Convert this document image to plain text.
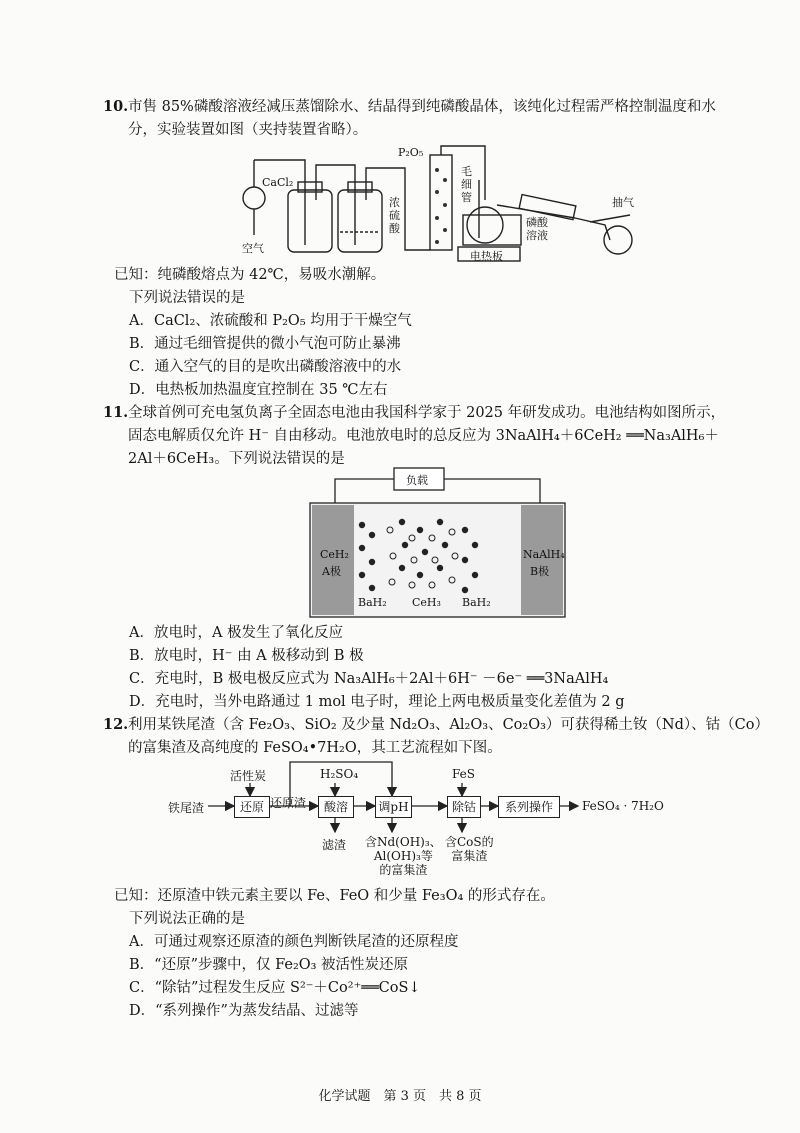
10. 市售 85%磷酸溶液经减压蒸馏除水、结晶得到纯磷酸晶体，该纯化过程需严格控制温度和水
分，实验装置如图（夹持装置省略）。
CaCl₂
空气
浓
硫
酸
P₂O₅
毛
细
管
磷酸
溶液
电热板
抽气
已知：纯磷酸熔点为 42℃，易吸水潮解。
下列说法错误的是
A．CaCl₂、浓硫酸和 P₂O₅ 均用于干燥空气
B．通过毛细管提供的微小气泡可防止暴沸
C．通入空气的目的是吹出磷酸溶液中的水
D．电热板加热温度宜控制在 35 ℃左右
11. 全球首例可充电氢负离子全固态电池由我国科学家于 2025 年研发成功。电池结构如图所示，
固态电解质仅允许 H⁻ 自由移动。电池放电时的总反应为 3NaAlH₄＋6CeH₂ ══Na₃AlH₆＋
2Al＋6CeH₃。下列说法错误的是
负载
CeH₂
A极
NaAlH₄
B极
BaH₂ CeH₃ BaH₂
A．放电时，A 极发生了氧化反应
B．放电时，H⁻ 由 A 极移动到 B 极
C．充电时，B 极电极反应式为 Na₃AlH₆＋2Al＋6H⁻ －6e⁻ ══3NaAlH₄
D．充电时，当外电路通过 1 mol 电子时，理论上两电极质量变化差值为 2 g
12. 利用某铁尾渣（含 Fe₂O₃、SiO₂ 及少量 Nd₂O₃、Al₂O₃、Co₂O₃）可获得稀土钕（Nd）、钴（Co）
的富集渣及高纯度的 FeSO₄•7H₂O，其工艺流程如下图。
铁尾渣
活性炭
还原 还原渣
H₂SO₄
酸溶
滤渣
调pH
含Nd(OH)₃、
Al(OH)₃等
的富集渣
FeS
除钴
含CoS的
富集渣
系列操作	FeSO₄ · 7H₂O
已知：还原渣中铁元素主要以 Fe、FeO 和少量 Fe₃O₄ 的形式存在。
下列说法正确的是
A．可通过观察还原渣的颜色判断铁尾渣的还原程度
B．“还原”步骤中，仅 Fe₂O₃ 被活性炭还原
C．“除钴”过程发生反应 S²⁻＋Co²⁺══CoS↓
D．“系列操作”为蒸发结晶、过滤等
化学试题　第 3 页　共 8 页
